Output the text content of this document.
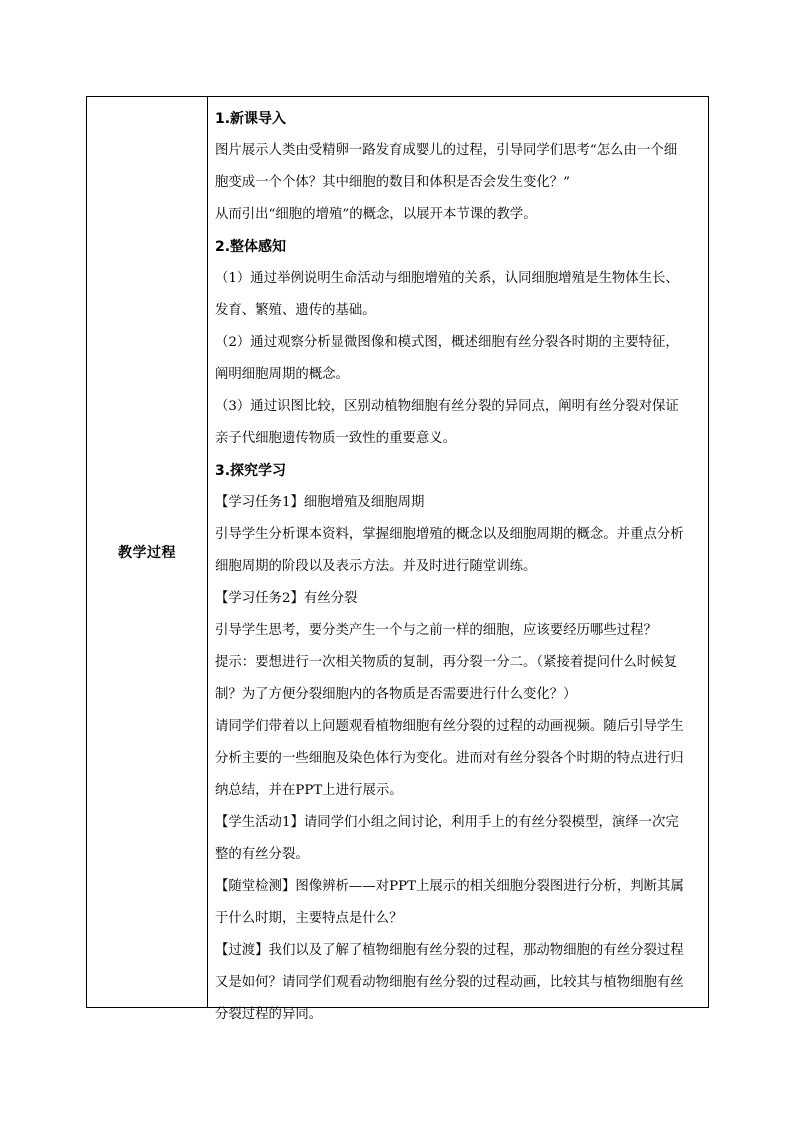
教学过程
1.新课导入
图片展示人类由受精卵一路发育成婴儿的过程，引导同学们思考“怎么由一个细
胞变成一个个体？其中细胞的数目和体积是否会发生变化？”
从而引出“细胞的增殖”的概念，以展开本节课的教学。
2.整体感知
（1）通过举例说明生命活动与细胞增殖的关系，认同细胞增殖是生物体生长、
发育、繁殖、遗传的基础。
（2）通过观察分析显微图像和模式图，概述细胞有丝分裂各时期的主要特征，
阐明细胞周期的概念。
（3）通过识图比较，区别动植物细胞有丝分裂的异同点，阐明有丝分裂对保证
亲子代细胞遗传物质一致性的重要意义。
3.探究学习
【学习任务1】细胞增殖及细胞周期
引导学生分析课本资料，掌握细胞增殖的概念以及细胞周期的概念。并重点分析
细胞周期的阶段以及表示方法。并及时进行随堂训练。
【学习任务2】有丝分裂
引导学生思考，要分类产生一个与之前一样的细胞，应该要经历哪些过程？
提示：要想进行一次相关物质的复制，再分裂一分二。（紧接着提问什么时候复
制？为了方便分裂细胞内的各物质是否需要进行什么变化？）
请同学们带着以上问题观看植物细胞有丝分裂的过程的动画视频。随后引导学生
分析主要的一些细胞及染色体行为变化。进而对有丝分裂各个时期的特点进行归
纳总结，并在PPT上进行展示。
【学生活动1】请同学们小组之间讨论，利用手上的有丝分裂模型，演绎一次完
整的有丝分裂。
【随堂检测】图像辨析——对PPT上展示的相关细胞分裂图进行分析，判断其属
于什么时期，主要特点是什么？
【过渡】我们以及了解了植物细胞有丝分裂的过程，那动物细胞的有丝分裂过程
又是如何？请同学们观看动物细胞有丝分裂的过程动画，比较其与植物细胞有丝
分裂过程的异同。
